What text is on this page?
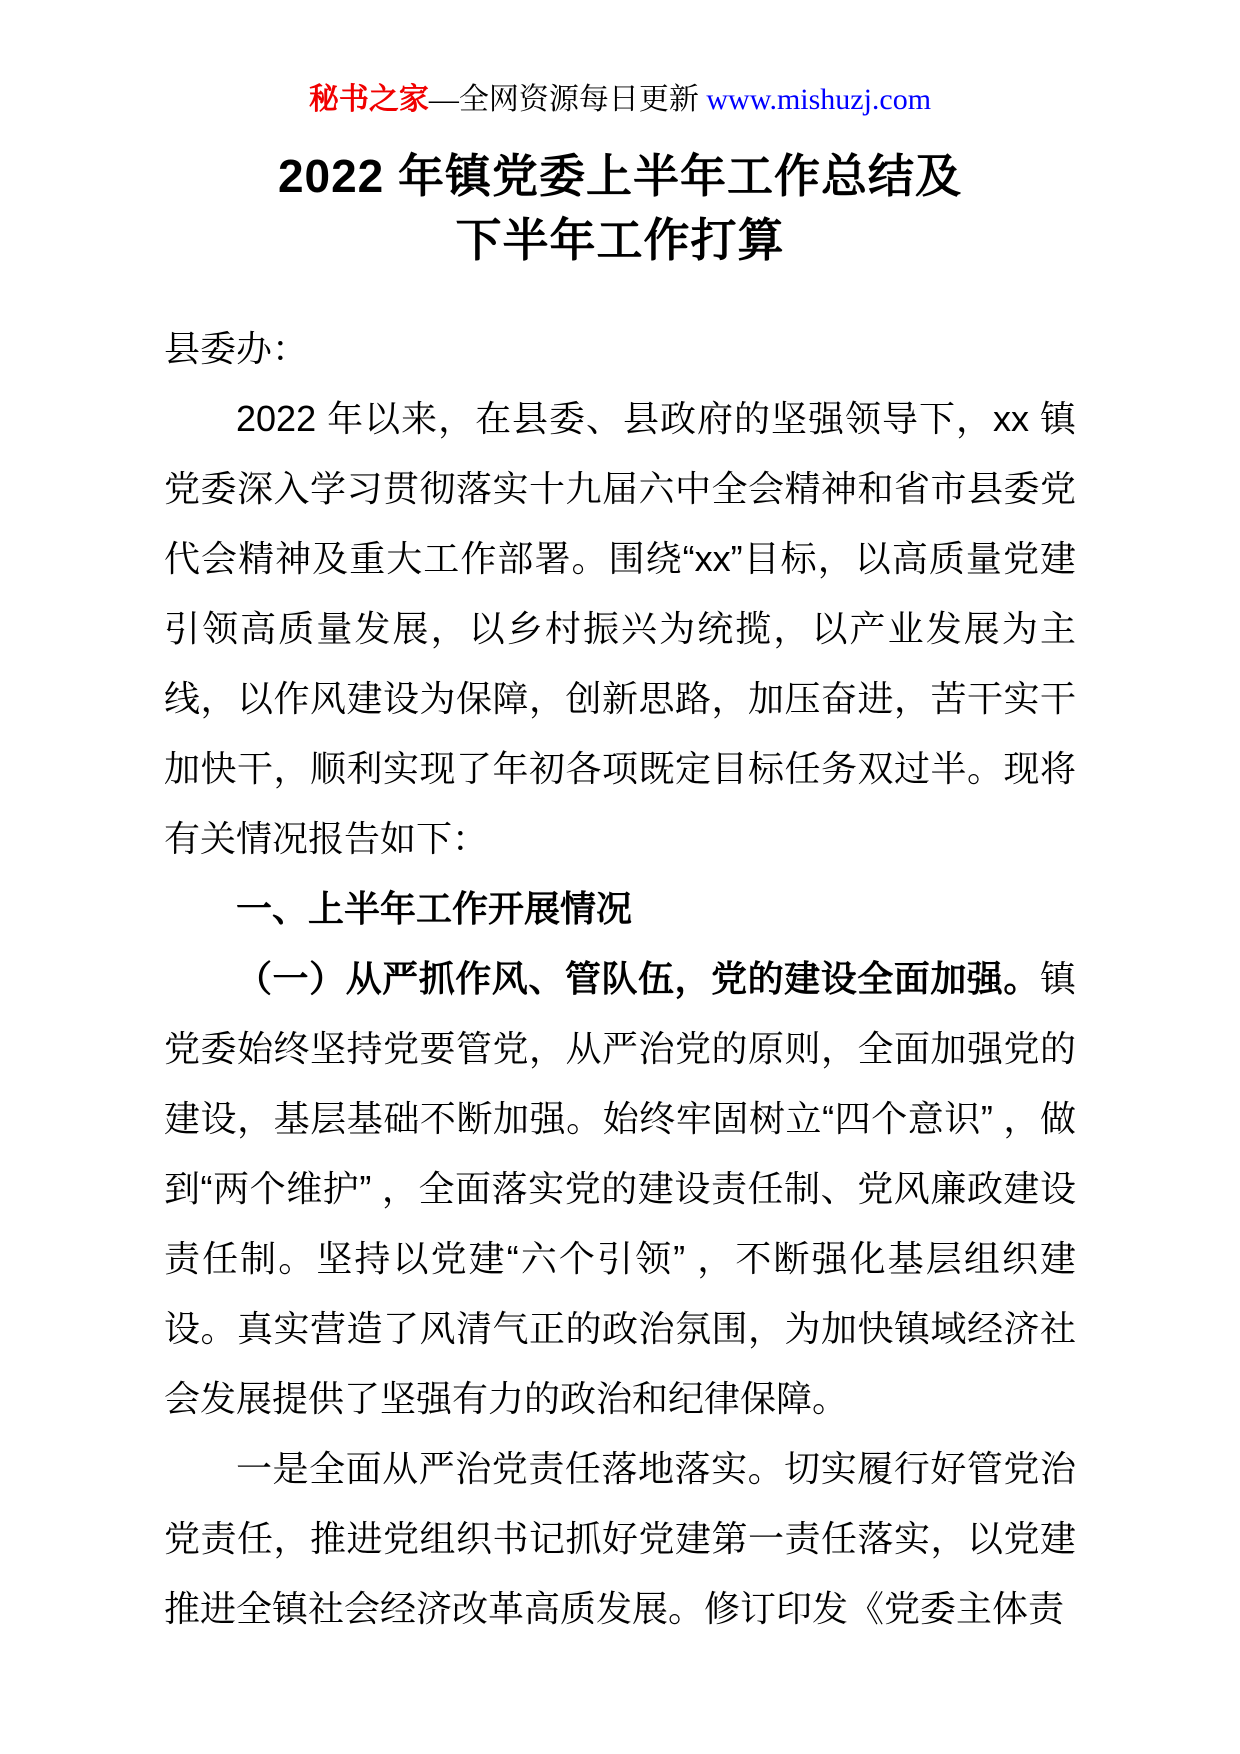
秘书之家—全网资源每日更新 www.mishuzj.com
2022 年镇党委上半年工作总结及
下半年工作打算

县委办：

2022 年以来，在县委、县政府的坚强领导下，xx 镇党委深入学习贯彻落实十九届六中全会精神和省市县委党代会精神及重大工作部署。围绕“xx”目标，以高质量党建引领高质量发展，以乡村振兴为统揽，以产业发展为主线，以作风建设为保障，创新思路，加压奋进，苦干实干加快干，顺利实现了年初各项既定目标任务双过半。现将有关情况报告如下：

一、上半年工作开展情况

（一）从严抓作风、管队伍，党的建设全面加强。镇党委始终坚持党要管党，从严治党的原则，全面加强党的建设，基层基础不断加强。始终牢固树立“四个意识” ，做到“两个维护” ，全面落实党的建设责任制、党风廉政建设责任制。坚持以党建“六个引领” ，不断强化基层组织建设。真实营造了风清气正的政治氛围，为加快镇域经济社会发展提供了坚强有力的政治和纪律保障。

一是全面从严治党责任落地落实。切实履行好管党治党责任，推进党组织书记抓好党建第一责任落实，以党建推进全镇社会经济改革高质发展。修订印发《党委主体责
